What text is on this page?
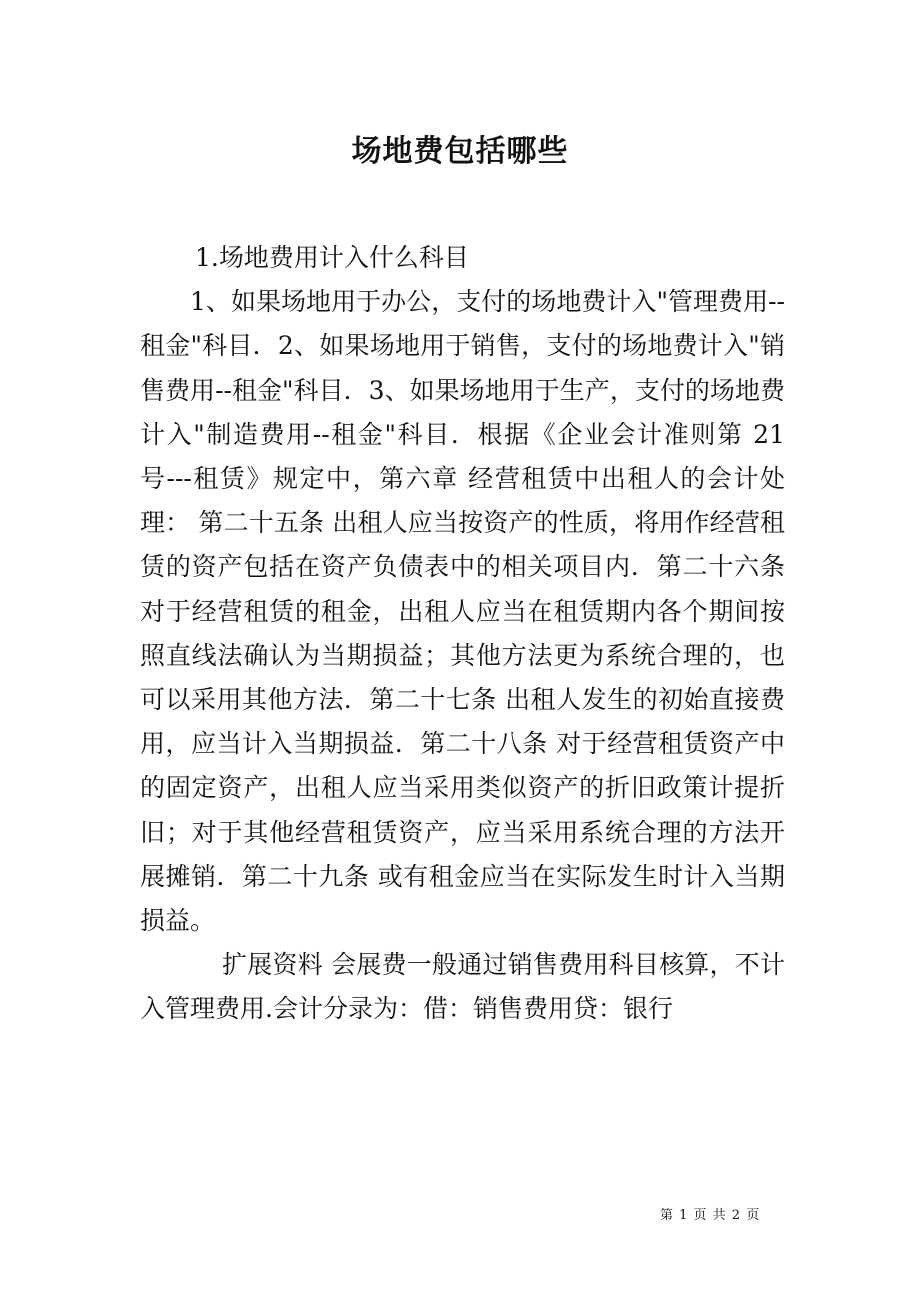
场地费包括哪些

1.场地费用计入什么科目

1、如果场地用于办公，支付的场地费计入"管理费用--租金"科目．2、如果场地用于销售，支付的场地费计入"销售费用--租金"科目．3、如果场地用于生产，支付的场地费计入"制造费用--租金"科目．根据《企业会计准则第 21 号---租赁》规定中，第六章 经营租赁中出租人的会计处理： 第二十五条 出租人应当按资产的性质，将用作经营租赁的资产包括在资产负债表中的相关项目内．第二十六条 对于经营租赁的租金，出租人应当在租赁期内各个期间按照直线法确认为当期损益；其他方法更为系统合理的，也可以采用其他方法．第二十七条 出租人发生的初始直接费用，应当计入当期损益．第二十八条 对于经营租赁资产中的固定资产，出租人应当采用类似资产的折旧政策计提折旧；对于其他经营租赁资产，应当采用系统合理的方法开展摊销．第二十九条 或有租金应当在实际发生时计入当期损益。

扩展资料 会展费一般通过销售费用科目核算，不计入管理费用.会计分录为：借：销售费用贷：银行

第 1 页 共 2 页
